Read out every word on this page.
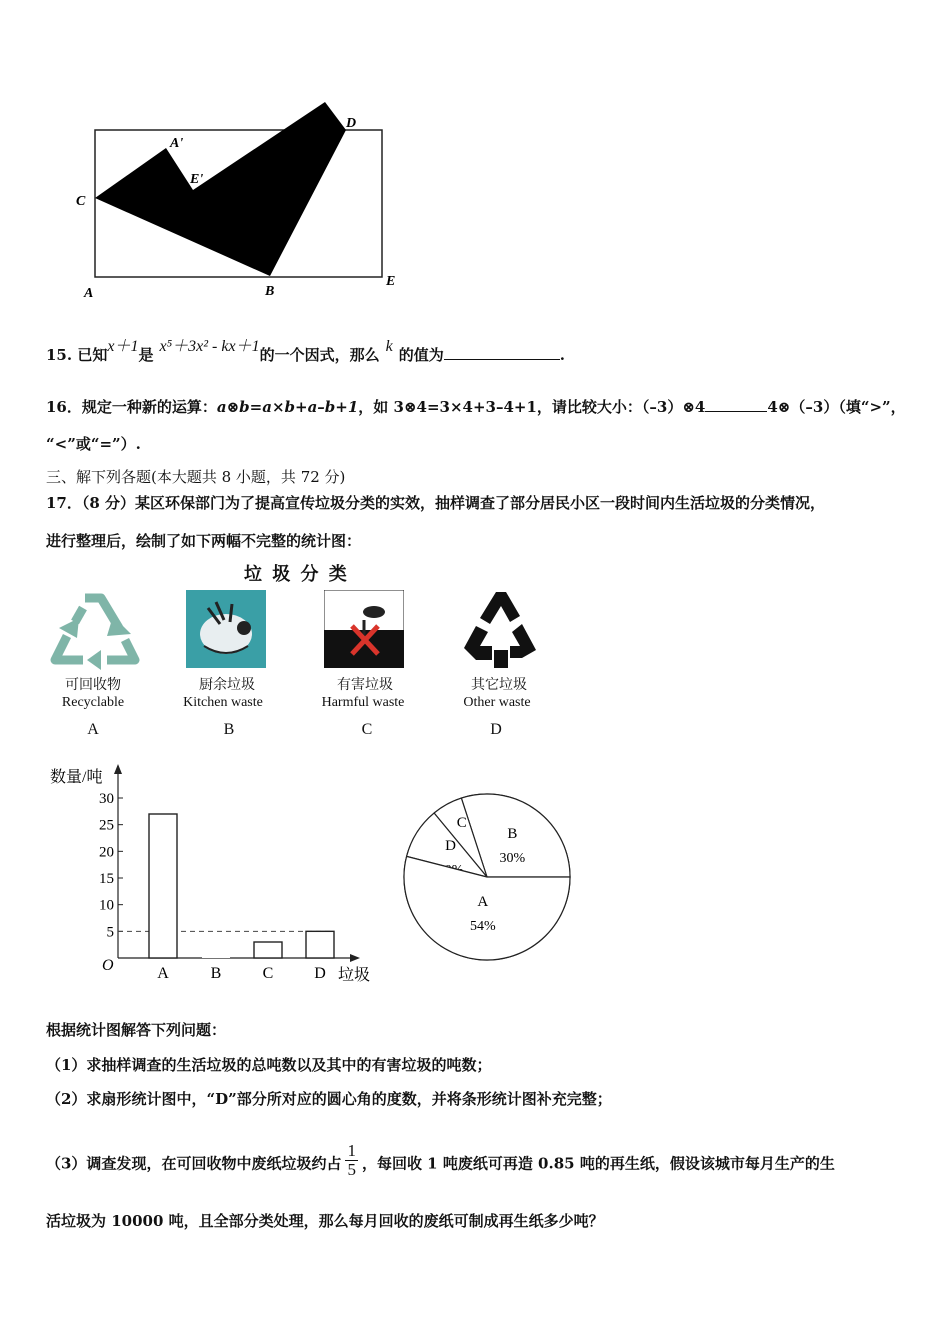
A'
E'
D
C
A	B
E
15. 已知x＋1是 x⁵＋3x² - kx＋1的一个因式，那么 k 的值为	.
16．规定一种新的运算：a⊗b=a×b+a–b+1，如 3⊗4=3×4+3–4+1，请比较大小：（–3）⊗4	4⊗（–3）（填“>”，
“<”或“=”）.
三、解下列各题(本大题共 8 小题，共 72 分)
17．（8 分）某区环保部门为了提高宣传垃圾分类的实效，抽样调查了部分居民小区一段时间内生活垃圾的分类情况，
进行整理后，绘制了如下两幅不完整的统计图：
垃 圾 分 类
可回收物
Recyclable
A
厨余垃圾
Kitchen waste
B
有害垃圾
Harmful waste
C
其它垃圾
Other waste
D
数量/吨
垃圾
O
5
10
15
20
25
30
A	B	C	D
B
30%
C
D
A
54%
根据统计图解答下列问题：
（1）求抽样调查的生活垃圾的总吨数以及其中的有害垃圾的吨数；
（2）求扇形统计图中，“D”部分所对应的圆心角的度数，并将条形统计图补充完整；
（3）调查发现，在可回收物中废纸垃圾约占 $\frac{1}{5}$ ，每回收 1 吨废纸可再造 0.85 吨的再生纸，假设该城市每月生产的生
活垃圾为 10000 吨，且全部分类处理，那么每月回收的废纸可制成再生纸多少吨？
